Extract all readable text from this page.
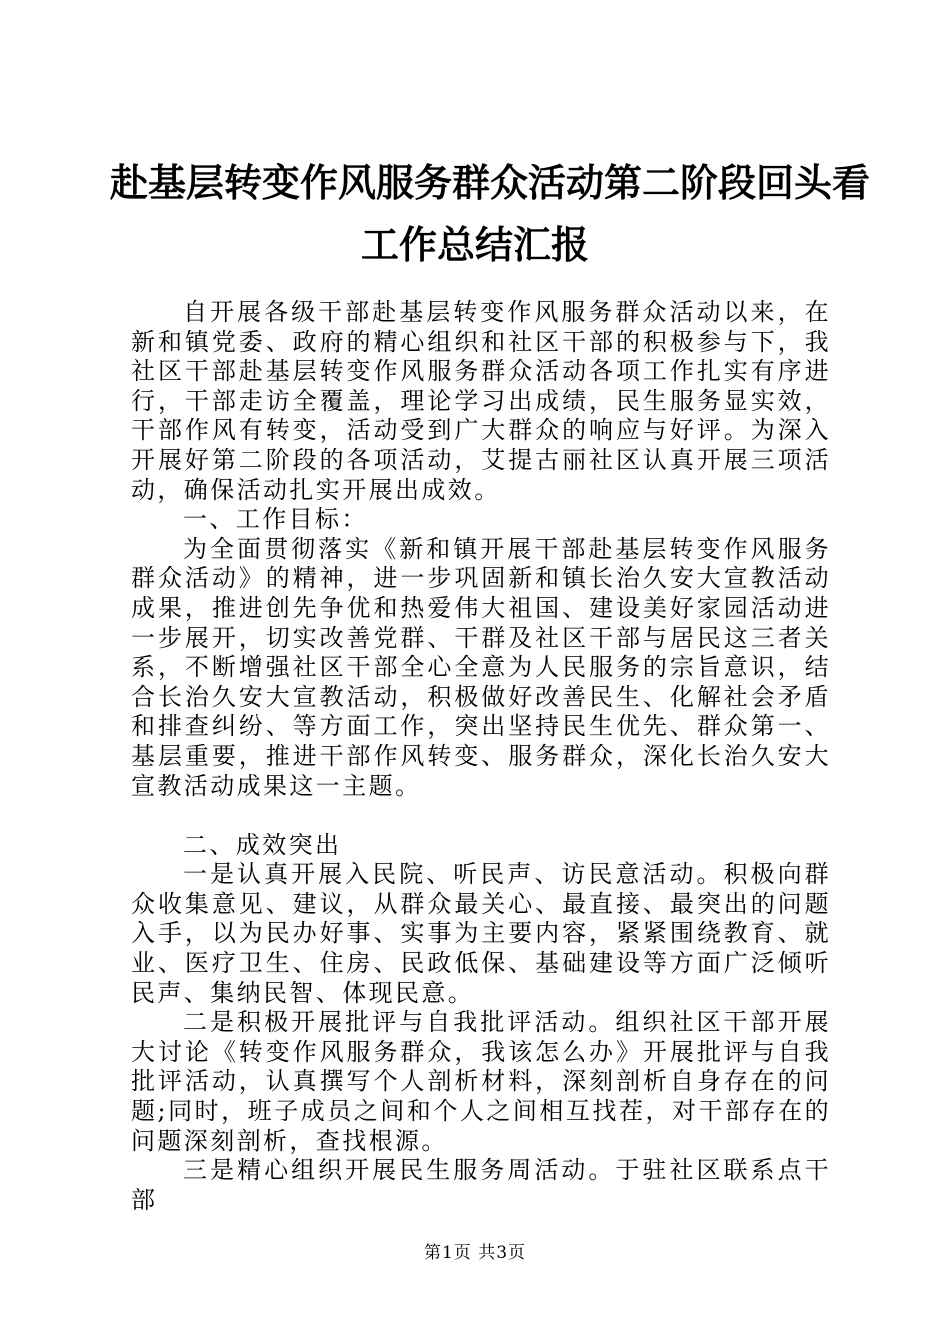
赴基层转变作风服务群众活动第二阶段回头看
工作总结汇报

自开展各级干部赴基层转变作风服务群众活动以来，在新和镇党委、政府的精心组织和社区干部的积极参与下，我社区干部赴基层转变作风服务群众活动各项工作扎实有序进行，干部走访全覆盖，理论学习出成绩，民生服务显实效，干部作风有转变，活动受到广大群众的响应与好评。为深入开展好第二阶段的各项活动，艾提古丽社区认真开展三项活动，确保活动扎实开展出成效。

一、工作目标：

为全面贯彻落实《新和镇开展干部赴基层转变作风服务群众活动》的精神，进一步巩固新和镇长治久安大宣教活动成果，推进创先争优和热爱伟大祖国、建设美好家园活动进一步展开，切实改善党群、干群及社区干部与居民这三者关系，不断增强社区干部全心全意为人民服务的宗旨意识，结合长治久安大宣教活动，积极做好改善民生、化解社会矛盾和排查纠纷、等方面工作，突出坚持民生优先、群众第一、基层重要，推进干部作风转变、服务群众，深化长治久安大宣教活动成果这一主题。

二、成效突出

一是认真开展入民院、听民声、访民意活动。积极向群众收集意见、建议，从群众最关心、最直接、最突出的问题入手，以为民办好事、实事为主要内容，紧紧围绕教育、就业、医疗卫生、住房、民政低保、基础建设等方面广泛倾听民声、集纳民智、体现民意。

二是积极开展批评与自我批评活动。组织社区干部开展大讨论《转变作风服务群众，我该怎么办》开展批评与自我批评活动，认真撰写个人剖析材料，深刻剖析自身存在的问题;同时，班子成员之间和个人之间相互找茬，对干部存在的问题深刻剖析，查找根源。

三是精心组织开展民生服务周活动。于驻社区联系点干部

第1页 共3页
